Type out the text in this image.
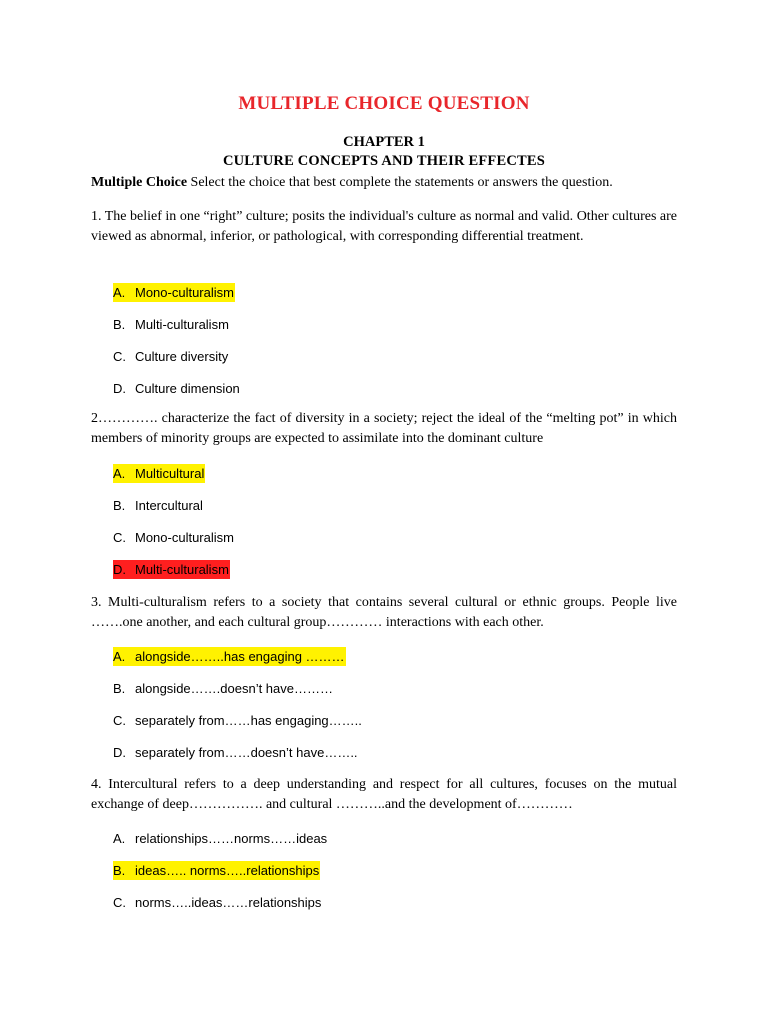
MULTIPLE CHOICE QUESTION
CHAPTER 1
CULTURE CONCEPTS AND THEIR EFFECTES
Multiple Choice Select the choice that best complete the statements or answers the question.
1. The belief in one “right” culture; posits the individual's culture as normal and valid. Other cultures are viewed as abnormal, inferior, or pathological, with corresponding differential treatment.
A. Mono-culturalism
B. Multi-culturalism
C. Culture diversity
D. Culture dimension
2…………. characterize the fact of diversity in a society; reject the ideal of the “melting pot” in which members of minority groups are expected to assimilate into the dominant culture
A. Multicultural
B. Intercultural
C. Mono-culturalism
D. Multi-culturalism
3. Multi-culturalism refers to a society that contains several cultural or ethnic groups. People live …….one another, and each cultural group………… interactions with each other.
A. alongside……..has engaging ………
B. alongside…….doesn’t have………
C. separately from……has engaging……..
D. separately from……doesn’t have……..
4. Intercultural refers to a deep understanding and respect for all cultures, focuses on the mutual exchange of deep……………. and cultural ………..and the development of…………
A. relationships……norms……ideas
B. ideas….. norms…..relationships
C. norms…..ideas……relationships
